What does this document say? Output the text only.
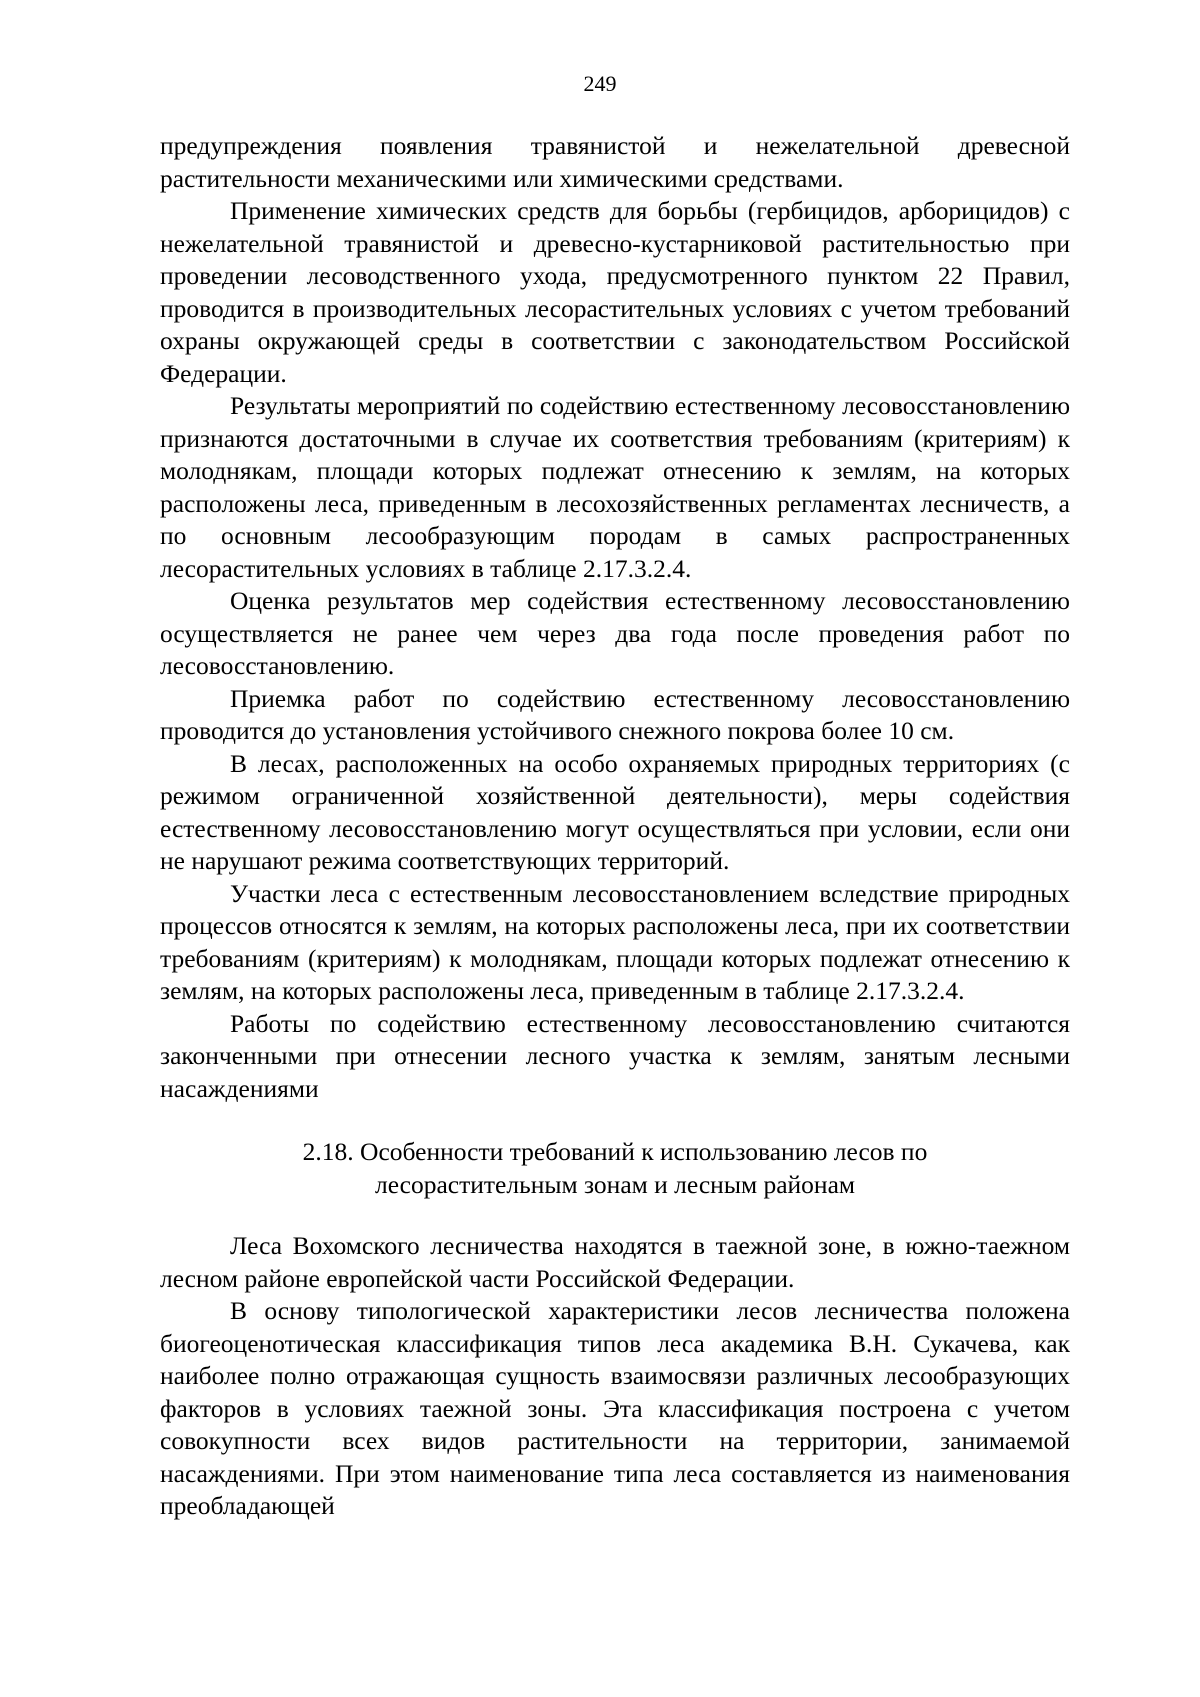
249

предупреждения появления травянистой и нежелательной древесной растительности механическими или химическими средствами.

Применение химических средств для борьбы (гербицидов, арборицидов) с нежелательной травянистой и древесно-кустарниковой растительностью при проведении лесоводственного ухода, предусмотренного пунктом 22 Правил, проводится в производительных лесорастительных условиях с учетом требований охраны окружающей среды в соответствии с законодательством Российской Федерации.

Результаты мероприятий по содействию естественному лесовосстановлению признаются достаточными в случае их соответствия требованиям (критериям) к молоднякам, площади которых подлежат отнесению к землям, на которых расположены леса, приведенным в лесохозяйственных регламентах лесничеств, а по основным лесообразующим породам в самых распространенных лесорастительных условиях в таблице 2.17.3.2.4.

Оценка результатов мер содействия естественному лесовосстановлению осуществляется не ранее чем через два года после проведения работ по лесовосстановлению.

Приемка работ по содействию естественному лесовосстановлению проводится до установления устойчивого снежного покрова более 10 см.

В лесах, расположенных на особо охраняемых природных территориях (с режимом ограниченной хозяйственной деятельности), меры содействия естественному лесовосстановлению могут осуществляться при условии, если они не нарушают режима соответствующих территорий.

Участки леса с естественным лесовосстановлением вследствие природных процессов относятся к землям, на которых расположены леса, при их соответствии требованиям (критериям) к молоднякам, площади которых подлежат отнесению к землям, на которых расположены леса, приведенным в таблице 2.17.3.2.4.

Работы по содействию естественному лесовосстановлению считаются законченными при отнесении лесного участка к землям, занятым лесными насаждениями

2.18. Особенности требований к использованию лесов по
лесорастительным зонам и лесным районам

Леса Вохомского лесничества находятся в таежной зоне, в южно-таежном лесном районе европейской части Российской Федерации.

В основу типологической характеристики лесов лесничества положена биогеоценотическая классификация типов леса академика В.Н. Сукачева, как наиболее полно отражающая сущность взаимосвязи различных лесообразующих факторов в условиях таежной зоны. Эта классификация построена с учетом совокупности всех видов растительности на территории, занимаемой насаждениями. При этом наименование типа леса составляется из наименования преобладающей
